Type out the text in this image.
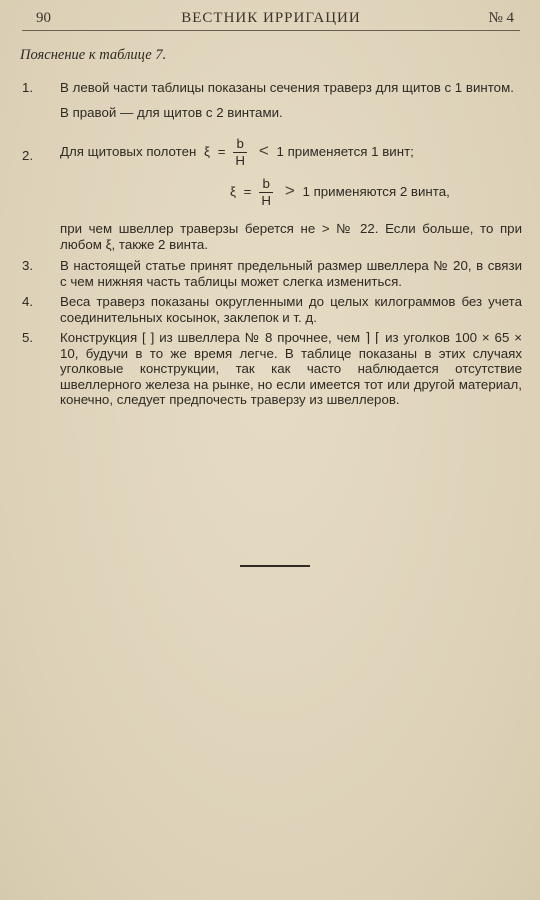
90	ВЕСТНИК ИРРИГАЦИИ	№ 4
Пояснение к таблице 7.
1. В левой части таблицы показаны сечения траверз для щитов с 1 винтом.

В правой — для щитов с 2 винтами.

2. Для щитовых полотен $\xi = \frac{b}{H} < 1$ применяется 1 винт;
$\xi = \frac{b}{H} > 1$ применяются 2 винта,

при чем швеллер траверзы берется не > № 22. Если больше, то при любом ξ, также 2 винта.

3. В настоящей статье принят предельный размер швеллера № 20, в связи с чем нижняя часть таблицы может слегка измениться.

4. Веса траверз показаны округленными до целых килограммов без учета соединительных косынок, заклепок и т. д.

5. Конструкция [ ] из швеллера № 8 прочнее, чем ⌉ ⌈ из уголков 100 × 65 × 10, будучи в то же время легче. В таблице показаны в этих случаях уголковые конструкции, так как часто наблюдается отсутствие швеллерного железа на рынке, но если имеется тот или другой материал, конечно, следует предпочесть траверзу из швеллеров.
